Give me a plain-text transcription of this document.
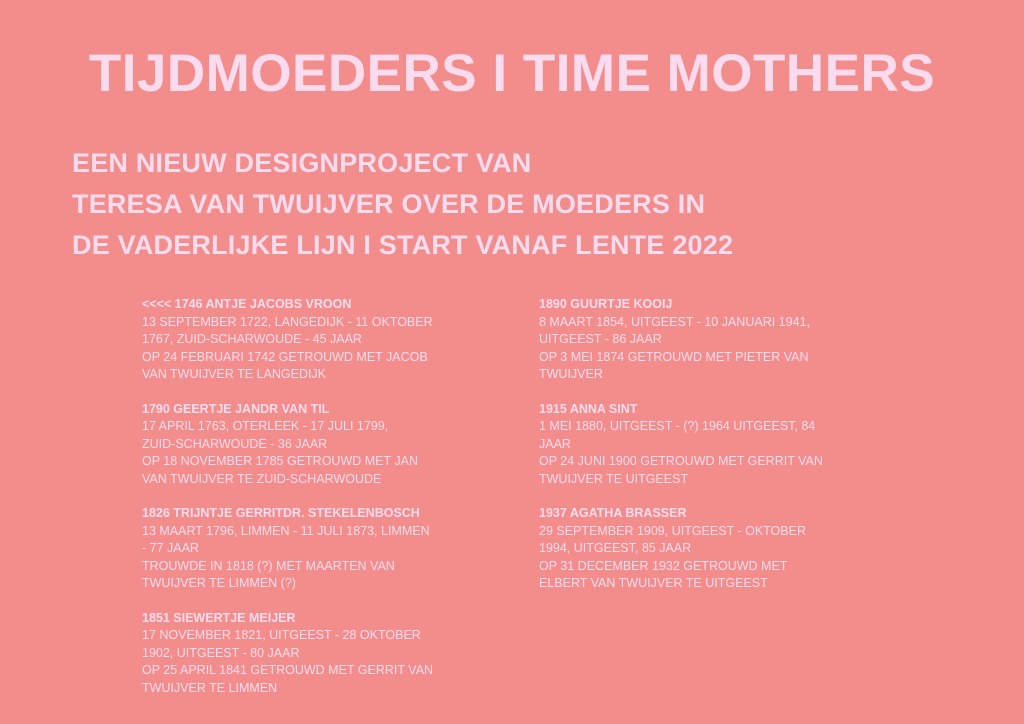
TIJDMOEDERS I TIME MOTHERS
EEN NIEUW DESIGNPROJECT VAN
TERESA VAN TWUIJVER OVER DE MOEDERS IN
DE VADERLIJKE LIJN I START VANAF LENTE 2022
<<<< 1746 ANTJE JACOBS VROON
13 SEPTEMBER 1722, LANGEDIJK - 11 OKTOBER
1767, ZUID-SCHARWOUDE - 45 JAAR
OP 24 FEBRUARI 1742 GETROUWD MET JACOB
VAN TWUIJVER TE LANGEDIJK
1790 GEERTJE JANDR VAN TIL
17 APRIL 1763, OTERLEEK - 17 JULI 1799,
ZUID-SCHARWOUDE - 36 JAAR
OP 18 NOVEMBER 1785 GETROUWD MET JAN
VAN TWUIJVER TE ZUID-SCHARWOUDE
1826 TRIJNTJE GERRITDR. STEKELENBOSCH
13 MAART 1796, LIMMEN - 11 JULI 1873, LIMMEN
- 77 JAAR
TROUWDE IN 1818 (?) MET MAARTEN VAN
TWUIJVER TE LIMMEN (?)
1851 SIEWERTJE MEIJER
17 NOVEMBER 1821, UITGEEST - 28 OKTOBER
1902, UITGEEST - 80 JAAR
OP 25 APRIL 1841 GETROUWD MET GERRIT VAN
TWUIJVER TE LIMMEN
1890 GUURTJE KOOIJ
8 MAART 1854, UITGEEST - 10 JANUARI 1941,
UITGEEST - 86 JAAR
OP 3 MEI 1874 GETROUWD MET PIETER VAN
TWUIJVER
1915 ANNA SINT
1 MEI 1880, UITGEEST - (?) 1964 UITGEEST, 84
JAAR
OP 24 JUNI 1900 GETROUWD MET GERRIT VAN
TWUIJVER TE UITGEEST
1937 AGATHA BRASSER
29 SEPTEMBER 1909, UITGEEST - OKTOBER
1994, UITGEEST, 85 JAAR
OP 31 DECEMBER 1932 GETROUWD MET
ELBERT VAN TWUIJVER TE UITGEEST
